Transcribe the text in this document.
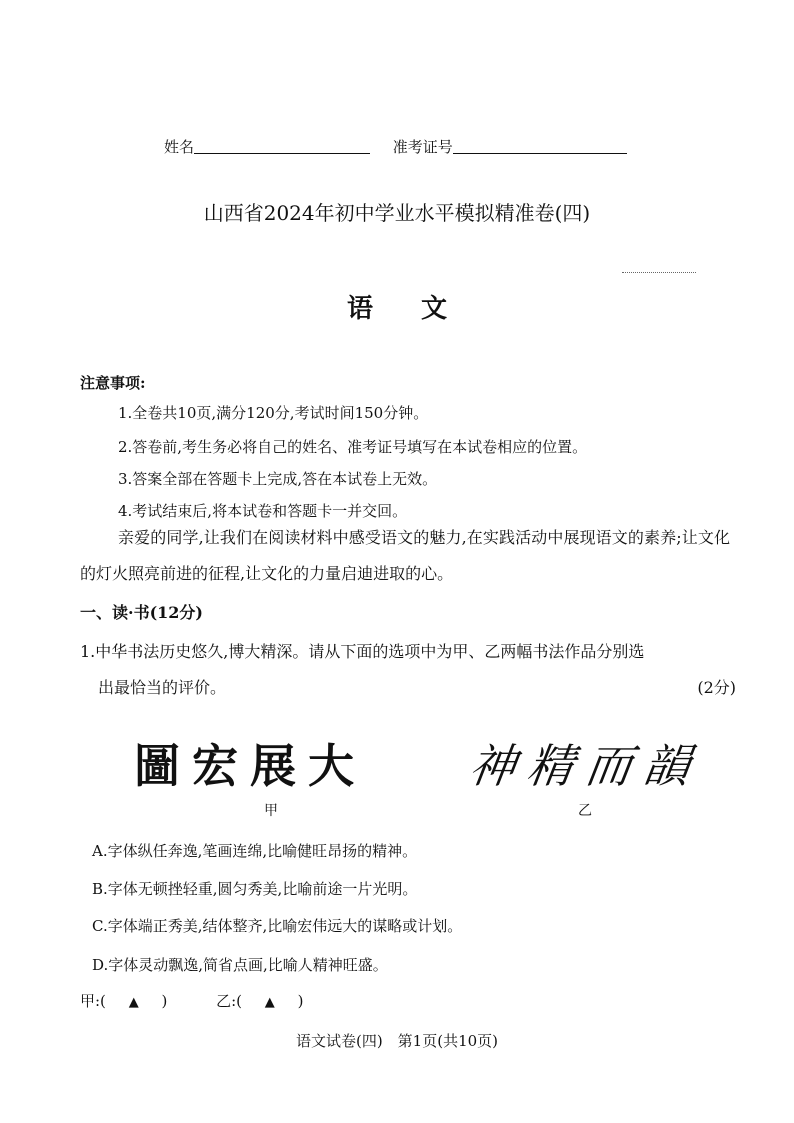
姓名	准考证号
山西省2024年初中学业水平模拟精准卷(四)
语文
注意事项:
1.全卷共10页,满分120分,考试时间150分钟。
2.答卷前,考生务必将自己的姓名、准考证号填写在本试卷相应的位置。
3.答案全部在答题卡上完成,答在本试卷上无效。
4.考试结束后,将本试卷和答题卡一并交回。
亲爱的同学,让我们在阅读材料中感受语文的魅力,在实践活动中展现语文的素养;让文化的灯火照亮前进的征程,让文化的力量启迪进取的心。
一、读·书(12分)
1.中华书法历史悠久,博大精深。请从下面的选项中为甲、乙两幅书法作品分别选
出最恰当的评价。	(2分)
圖宏展大 神精而韻
甲	乙
A.字体纵任奔逸,笔画连绵,比喻健旺昂扬的精神。
B.字体无顿挫轻重,圆匀秀美,比喻前途一片光明。
C.字体端正秀美,结体整齐,比喻宏伟远大的谋略或计划。
D.字体灵动飘逸,简省点画,比喻人精神旺盛。
甲:( ▲ )	乙:( ▲ )
语文试卷(四)　第1页(共10页)
